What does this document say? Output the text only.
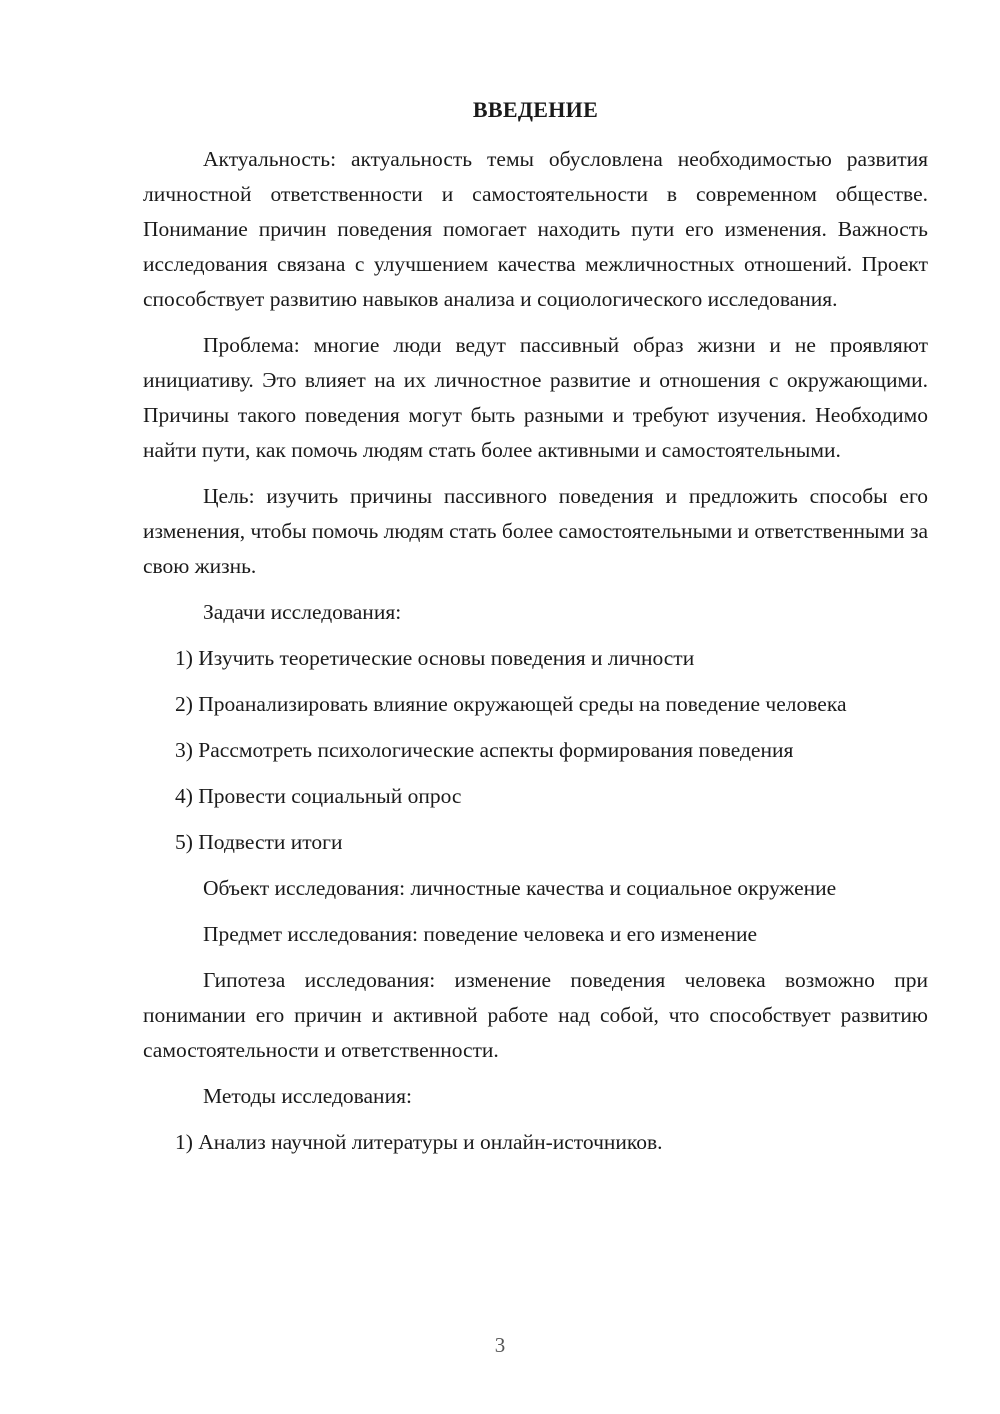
ВВЕДЕНИЕ

Актуальность: актуальность темы обусловлена необходимостью развития личностной ответственности и самостоятельности в современном обществе. Понимание причин поведения помогает находить пути его изменения. Важность исследования связана с улучшением качества межличностных отношений. Проект способствует развитию навыков анализа и социологического исследования.

Проблема: многие люди ведут пассивный образ жизни и не проявляют инициативу. Это влияет на их личностное развитие и отношения с окружающими. Причины такого поведения могут быть разными и требуют изучения. Необходимо найти пути, как помочь людям стать более активными и самостоятельными.

Цель: изучить причины пассивного поведения и предложить способы его изменения, чтобы помочь людям стать более самостоятельными и ответственными за свою жизнь.

Задачи исследования:

1) Изучить теоретические основы поведения и личности

2) Проанализировать влияние окружающей среды на поведение человека

3) Рассмотреть психологические аспекты формирования поведения

4) Провести социальный опрос

5) Подвести итоги

Объект исследования: личностные качества и социальное окружение

Предмет исследования: поведение человека и его изменение

Гипотеза исследования: изменение поведения человека возможно при понимании его причин и активной работе над собой, что способствует развитию самостоятельности и ответственности.

Методы исследования:

1) Анализ научной литературы и онлайн-источников.

3
